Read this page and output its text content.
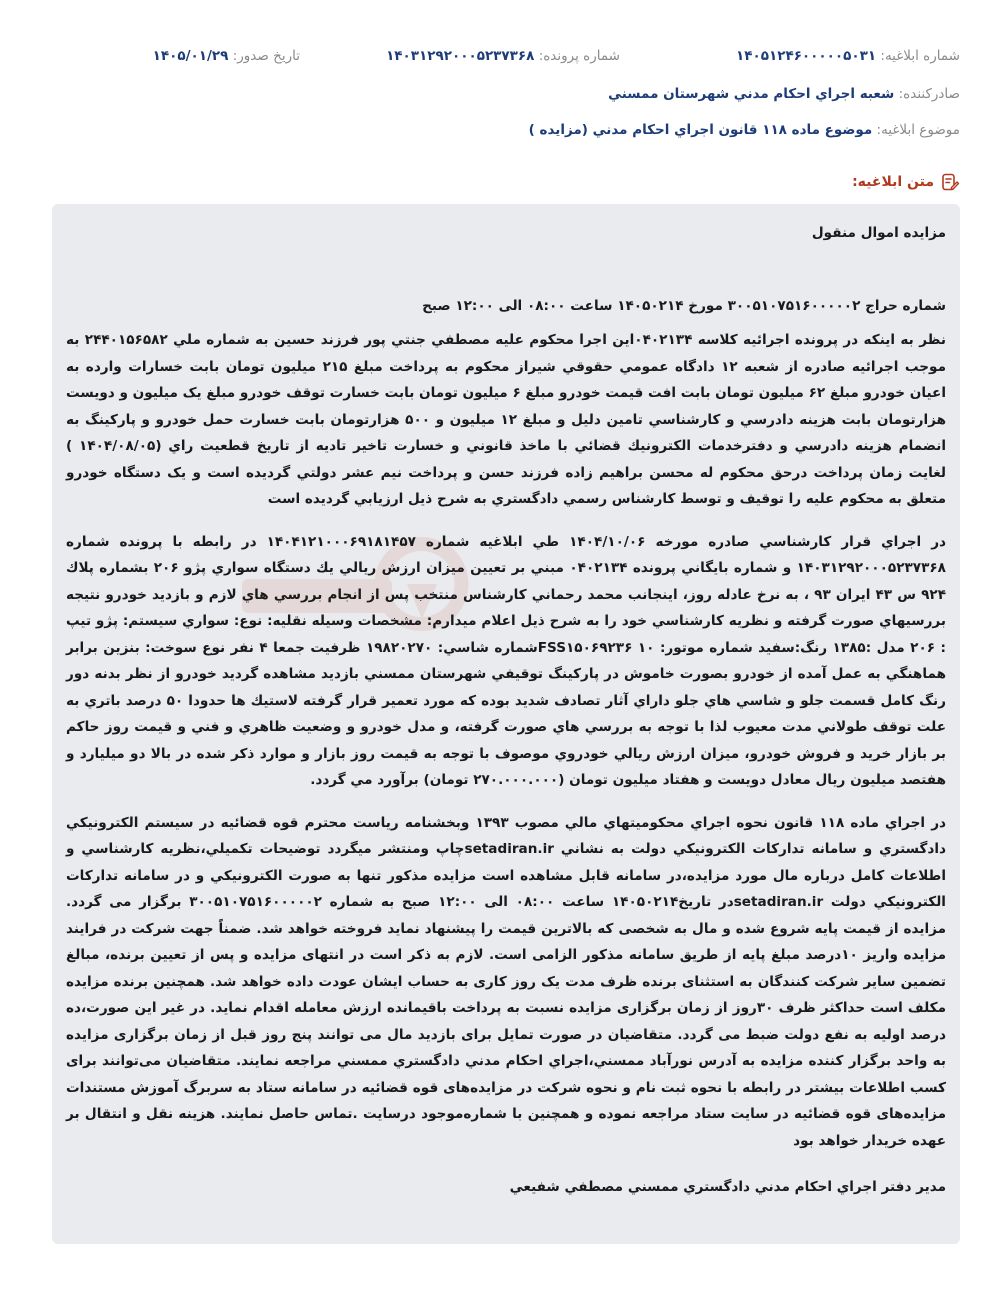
شماره ابلاغیه: ۱۴۰۵۱۲۴۶۰۰۰۰۰۵۰۳۱
شماره پرونده: ۱۴۰۳۱۲۹۲۰۰۰۵۲۳۷۳۶۸
تاریخ صدور: ۱۴۰۵/۰۱/۲۹
صادرکننده: شعبه اجراي احكام مدني شهرستان ممسني
موضوع ابلاغیه: موضوع ماده ۱۱۸ قانون اجراي احكام مدني (مزايده )
متن ابلاغیه:

مزايده اموال منقول

شماره حراج ۳۰۰۵۱۰۷۵۱۶۰۰۰۰۰۲ مورخ ۱۴۰۵۰۲۱۴ ساعت ۰۸:۰۰ الی ۱۲:۰۰ صبح

نظر به اينكه در پرونده اجرائيه كلاسه ۰۴۰۲۱۳۴اين اجرا محكوم عليه مصطفي جنتي پور فرزند حسين به شماره ملي ۲۴۴۰۱۵۶۵۸۲ به موجب اجرائيه صادره از شعبه ۱۲ دادگاه عمومي حقوقي شيراز محكوم به پرداخت مبلغ ۲۱۵ ميليون تومان بابت خسارات وارده به اعيان خودرو مبلغ ۶۲ ميليون تومان بابت افت قيمت خودرو مبلغ ۶ ميليون تومان بابت خسارت توقف خودرو مبلغ يک ميليون و دويست هزارتومان بابت هزينه دادرسي و كارشناسي تامين دليل و مبلغ ۱۲ ميليون و ۵۰۰ هزارتومان بابت خسارت حمل خودرو و پاركينگ به انضمام هزينه دادرسي و دفترخدمات الكترونيك قضائي با ماخذ قانوني و خسارت تاخير تاديه از تاريخ قطعيت راي (۱۴۰۴/۰۸/۰۵ ) لغايت زمان پرداخت درحق محكوم له محسن براهيم زاده فرزند حسن و پرداخت نيم عشر دولتي گرديده است و يک دستگاه خودرو متعلق به محكوم عليه را توقيف و توسط كارشناس رسمي دادگستري به شرح ذيل ارزيابي گرديده است

در اجراي قرار كارشناسي صادره مورخه ۱۴۰۴/۱۰/۰۶ طي ابلاغيه شماره ۱۴۰۴۱۲۱۰۰۰۶۹۱۸۱۴۵۷ در رابطه با پرونده شماره ۱۴۰۳۱۲۹۲۰۰۰۵۲۳۷۳۶۸ و شماره بايگاني پرونده ۰۴۰۲۱۳۴ مبني بر تعيين ميزان ارزش ريالي يك دستگاه سواري پژو ۲۰۶ بشماره پلاك ۹۲۴ س ۴۳ ايران ۹۳ ، به نرخ عادله روز، اينجانب محمد رحماني كارشناس منتخب پس از انجام بررسي هاي لازم و بازديد خودرو نتيجه بررسيهاي صورت گرفته و نظريه كارشناسي خود را به شرح ذيل اعلام ميدارم: مشخصات وسيله نقليه: نوع: سواري سيستم: پژو تيپ : ۲۰۶ مدل :۱۳۸۵ رنگ:سفيد شماره موتور: ۱۰ FSS۱۵۰۶۹۲۳۶شماره شاسي: ۱۹۸۲۰۲۷۰ ظرفيت جمعا ۴ نفر نوع سوخت: بنزين برابر هماهنگي به عمل آمده از خودرو بصورت خاموش در پاركينگ توقيفي شهرستان ممسني بازديد مشاهده گرديد خودرو از نظر بدنه دور رنگ كامل قسمت جلو و شاسي هاي جلو داراي آثار تصادف شديد بوده كه مورد تعمير قرار گرفته لاستيك ها حدودا ۵۰ درصد باتري به علت توقف طولاني مدت معيوب لذا با توجه به بررسي هاي صورت گرفته، و مدل خودرو و وضعيت ظاهري و فني و قيمت روز حاكم بر بازار خريد و فروش خودرو، ميزان ارزش ريالي خودروي موصوف با توجه به قيمت روز بازار و موارد ذكر شده در بالا دو ميليارد و هفتصد ميليون ريال معادل دويست و هفتاد ميليون تومان (۲۷۰.۰۰۰.۰۰۰ تومان) برآورد مي گردد.

در اجراي ماده ۱۱۸ قانون نحوه اجراي محكوميتهاي مالي مصوب ۱۳۹۳ وبخشنامه رياست محترم قوه قضائيه در سيستم الكترونيكي دادگستري و سامانه تداركات الكترونيكي دولت به نشاني setadiran.irچاپ ومنتشر ميگردد توضيحات تكميلي،نظريه كارشناسي و اطلاعات كامل درباره مال مورد مزايده،در سامانه قابل مشاهده است مزايده مذكور تنها به صورت الكترونيكي و در سامانه تداركات الكترونيكي دولت setadiran.irدر تاريخ۱۴۰۵۰۲۱۴ ساعت ۰۸:۰۰ الی ۱۲:۰۰ صبح به شماره ۳۰۰۵۱۰۷۵۱۶۰۰۰۰۰۲ برگزار می گردد. مزايده از قيمت پايه شروع شده و مال به شخصی كه بالاترين قيمت را پيشنهاد نمايد فروخته خواهد شد. ضمناً جهت شركت در فرايند مزايده واريز ۱۰درصد مبلغ پايه از طريق سامانه مذكور الزامی است. لازم به ذكر است در انتهای مزايده و پس از تعيين برنده، مبالغ تضمين ساير شركت كنندگان به استثنای برنده ظرف مدت يک روز كاری به حساب ايشان عودت داده خواهد شد. همچنين برنده مزايده مكلف است حداكثر ظرف ۳۰روز از زمان برگزاری مزايده نسبت به پرداخت باقيمانده ارزش معامله اقدام نمايد. در غير اين صورت،ده درصد اوليه به نفع دولت ضبط می گردد. متقاضيان در صورت تمايل برای بازديد مال می توانند پنج روز قبل از زمان برگزاری مزايده به واحد برگزار كننده مزايده به آدرس نورآباد ممسني،اجراي احكام مدني دادگستري ممسني مراجعه نمايند. متقاضيان می‌توانند برای كسب اطلاعات بيشتر در رابطه با نحوه ثبت نام و نحوه شركت در مزايده‌های قوه قضائيه در سامانه ستاد به سربرگ آموزش مستندات مزايده‌های قوه قضائيه در سايت ستاد مراجعه نموده و همچنين با شماره‌موجود درسايت .تماس حاصل نمايند. هزينه نقل و انتقال بر عهده خريدار خواهد بود

مدير دفتر اجراي احكام مدني دادگستري ممسني مصطفي شفيعي
